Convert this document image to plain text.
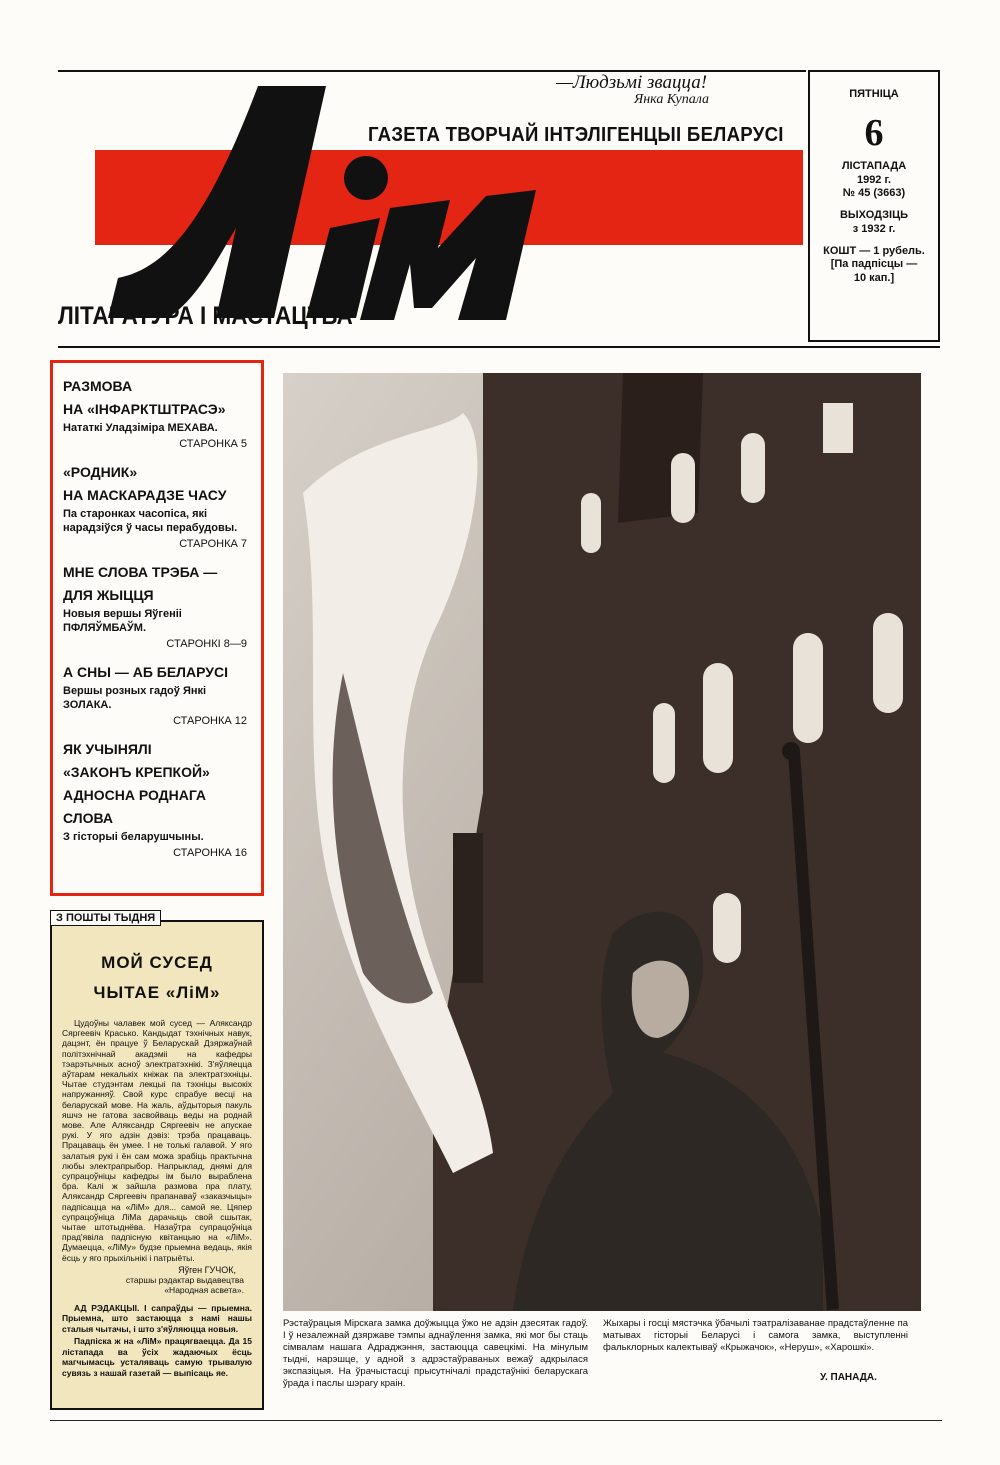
ЛіМ
—Людзьмі звацца!
Янка Купала
ГАЗЕТА ТВОРЧАЙ ІНТЭЛІГЕНЦЫІ БЕЛАРУСІ
ЛІТАРАТУРА І МАСТАЦТВА
ПЯТНІЦА
6
ЛІСТАПАДА
1992 г.
№ 45 (3663)
ВЫХОДЗІЦЬ
з 1932 г.
КОШТ — 1 рубель.
[Па падпісцы —
10 кап.]
РАЗМОВА
НА «ІНФАРКТШТРАСЭ»
Нататкі Уладзіміра МЕХАВА.
СТАРОНКА 5
«РОДНИК»
НА МАСКАРАДЗЕ ЧАСУ
Па старонках часопіса, які нарадзіўся ў часы перабудовы.
СТАРОНКА 7
МНЕ СЛОВА ТРЭБА —
ДЛЯ ЖЫЦЦЯ
Новыя вершы Яўгеніі ПФЛЯЎМБАЎМ.
СТАРОНКІ 8—9
А СНЫ — АБ БЕЛАРУСІ
Вершы розных гадоў Янкі ЗОЛАКА.
СТАРОНКА 12
ЯК УЧЫНЯЛІ
«ЗАКОНЪ КРЕПКОЙ»
АДНОСНА РОДНАГА СЛОВА
З гісторыі беларушчыны.
СТАРОНКА 16
МОЙ СУСЕД
ЧЫТАЕ «ЛіМ»
Цудоўны чалавек мой сусед — Аляксандр Сяргеевіч Красько. Кандыдат тэхнічных навук, дацэнт, ён працуе ў Беларускай Дзяржаўнай політэхнічнай акадэміі на кафедры тэарэтычных асноў электратэхнікі. З'яўляецца аўтарам некалькіх кніжак па электратэхніцы. Чытае студэнтам лекцыі па тэхніцы высокіх напружанняў. Свой курс спрабуе весці на беларускай мове. На жаль, аўдыторыя пакуль яшчэ не гатова засвойваць веды на роднай мове. Але Аляксандр Сяргеевіч не апускае рукі. У яго адзін дэвіз: трэба працаваць. Працаваць ён умее. І не толькі галавой. У яго залатыя рукі і ён сам можа зрабіць практычна любы электрапрыбор. Напрыклад, днямі для супрацоўніцы кафедры ім было выраблена бра. Калі ж зайшла размова пра плату, Аляксандр Сяргеевіч прапанаваў «заказчыцы» падпісацца на «ЛіМ» для... самой яе. Цяпер супрацоўніца ЛіМа дарачыць свой сшытак, чытае штотыднёва. Назаўтра супрацоўніца прад'явіла падпісную квітанцыю на «ЛіМ». Думаецца, «ЛіМу» будзе прыемна ведаць, якія ёсць у яго прыхільнікі і патрыёты.
Яўген ГУЧОК,
старшы рэдактар выдавецтва
«Народная асвета».

АД РЭДАКЦЫІ. І сапраўды — прыемна. Прыемна, што застаюцца з намі нашы сталыя чытачы, і што з'яўляюцца новыя.

Падпіска ж на «ЛіМ» працягваецца. Да 15 лістапада ва ўсіх жадаючых ёсць магчымасць усталяваць самую трывалую сувязь з нашай газетай — выпісаць яе.

З ПОШТЫ ТЫДНЯ
Рэстаўрацыя Мірскага замка доўжыцца ўжо не адзін дзесятак гадоў. І ў незалежнай дзяржаве тэмпы аднаўлення замка, які мог бы стаць сімвалам нашага Адраджэння, застаюцца савецкімі. На мінулым тыдні, нарэшце, у адной з адрэстаўраваных вежаў адкрылася экспазіцыя. На ўрачыстасці прысутнічалі прадстаўнікі беларускага ўрада і паслы шэрагу краін.
Жыхары і госці мястэчка ўбачылі тэатралізаванае прадстаўленне па матывах гісторыі Беларусі і самога замка, выступленні фальклорных калектываў «Крыжачок», «Неруш», «Харошкі».
У. ПАНАДА.
